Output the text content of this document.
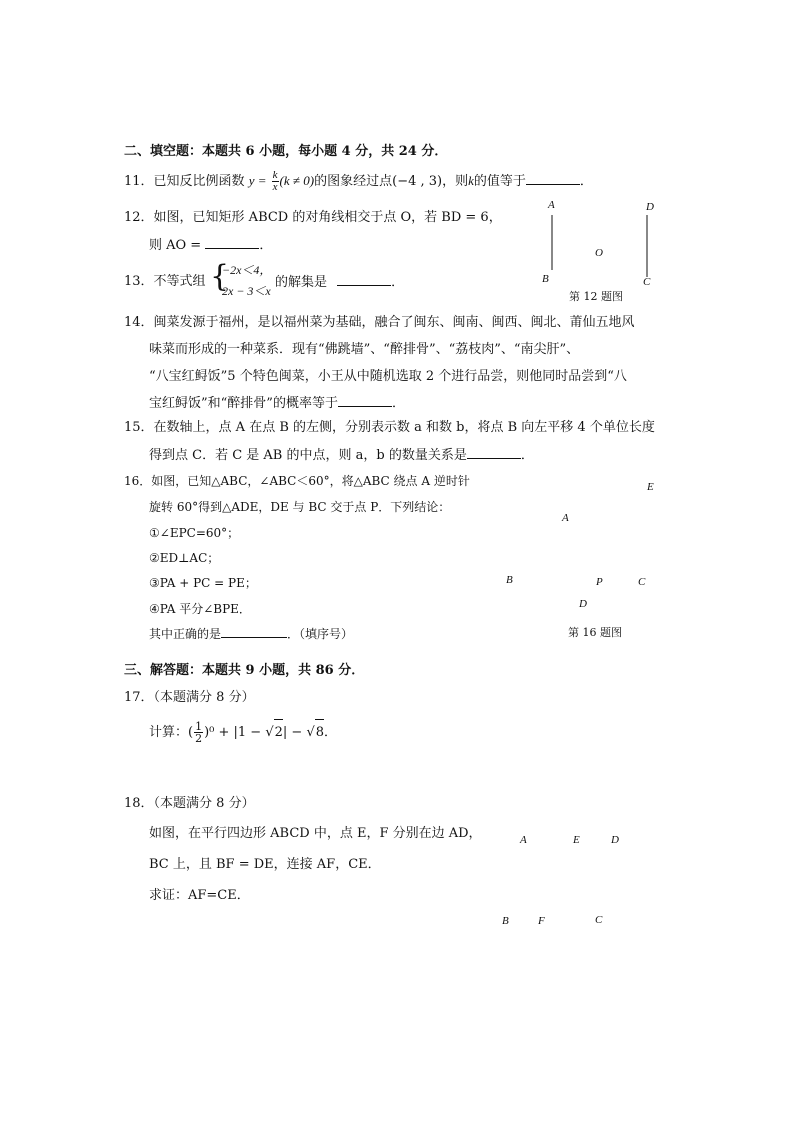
二、填空题：本题共 6 小题，每小题 4 分，共 24 分．
11．已知反比例函数 $y = \frac{k}{x} (k \ne 0)$的图象经过点(−4 , 3)，则k的值等于	．
12．如图，已知矩形 ABCD 的对角线相交于点 O，若 BD = 6，
则 AO =	．
A	D
O
B	C
第 12 题图
13．不等式组 {
−2x＜4，
2x − 3＜x
的解集是	．
14．闽菜发源于福州，是以福州菜为基础，融合了闽东、闽南、闽西、闽北、莆仙五地风
味菜而形成的一种菜系．现有“佛跳墙”、“醉排骨”、“荔枝肉”、“南尖肝”、
“八宝红鲟饭”5 个特色闽菜，小王从中随机选取 2 个进行品尝，则他同时品尝到“八
宝红鲟饭”和“醉排骨”的概率等于	．
15．在数轴上，点 A 在点 B 的左侧，分别表示数 a 和数 b，将点 B 向左平移 4 个单位长度
得到点 C．若 C 是 AB 的中点，则 a，b 的数量关系是	．
16．如图，已知△ABC，∠ABC＜60°，将△ABC 绕点 A 逆时针
旋转 60°得到△ADE，DE 与 BC 交于点 P．下列结论：
①∠EPC=60°；
②ED⊥AC；
③PA + PC = PE；
④PA 平分∠BPE．
其中正确的是	．（填序号）
E
A
B	P	C
D
第 16 题图
三、解答题：本题共 9 小题，共 86 分．
17．（本题满分 8 分）
计算：( $\frac{1}{2} )^0 + |1 - √2| - √8$．
18．（本题满分 8 分）
如图，在平行四边形 ABCD 中，点 E，F 分别在边 AD，
BC 上，且 BF = DE，连接 AF，CE．
求证：AF=CE．
A	E	D
B	F	C
